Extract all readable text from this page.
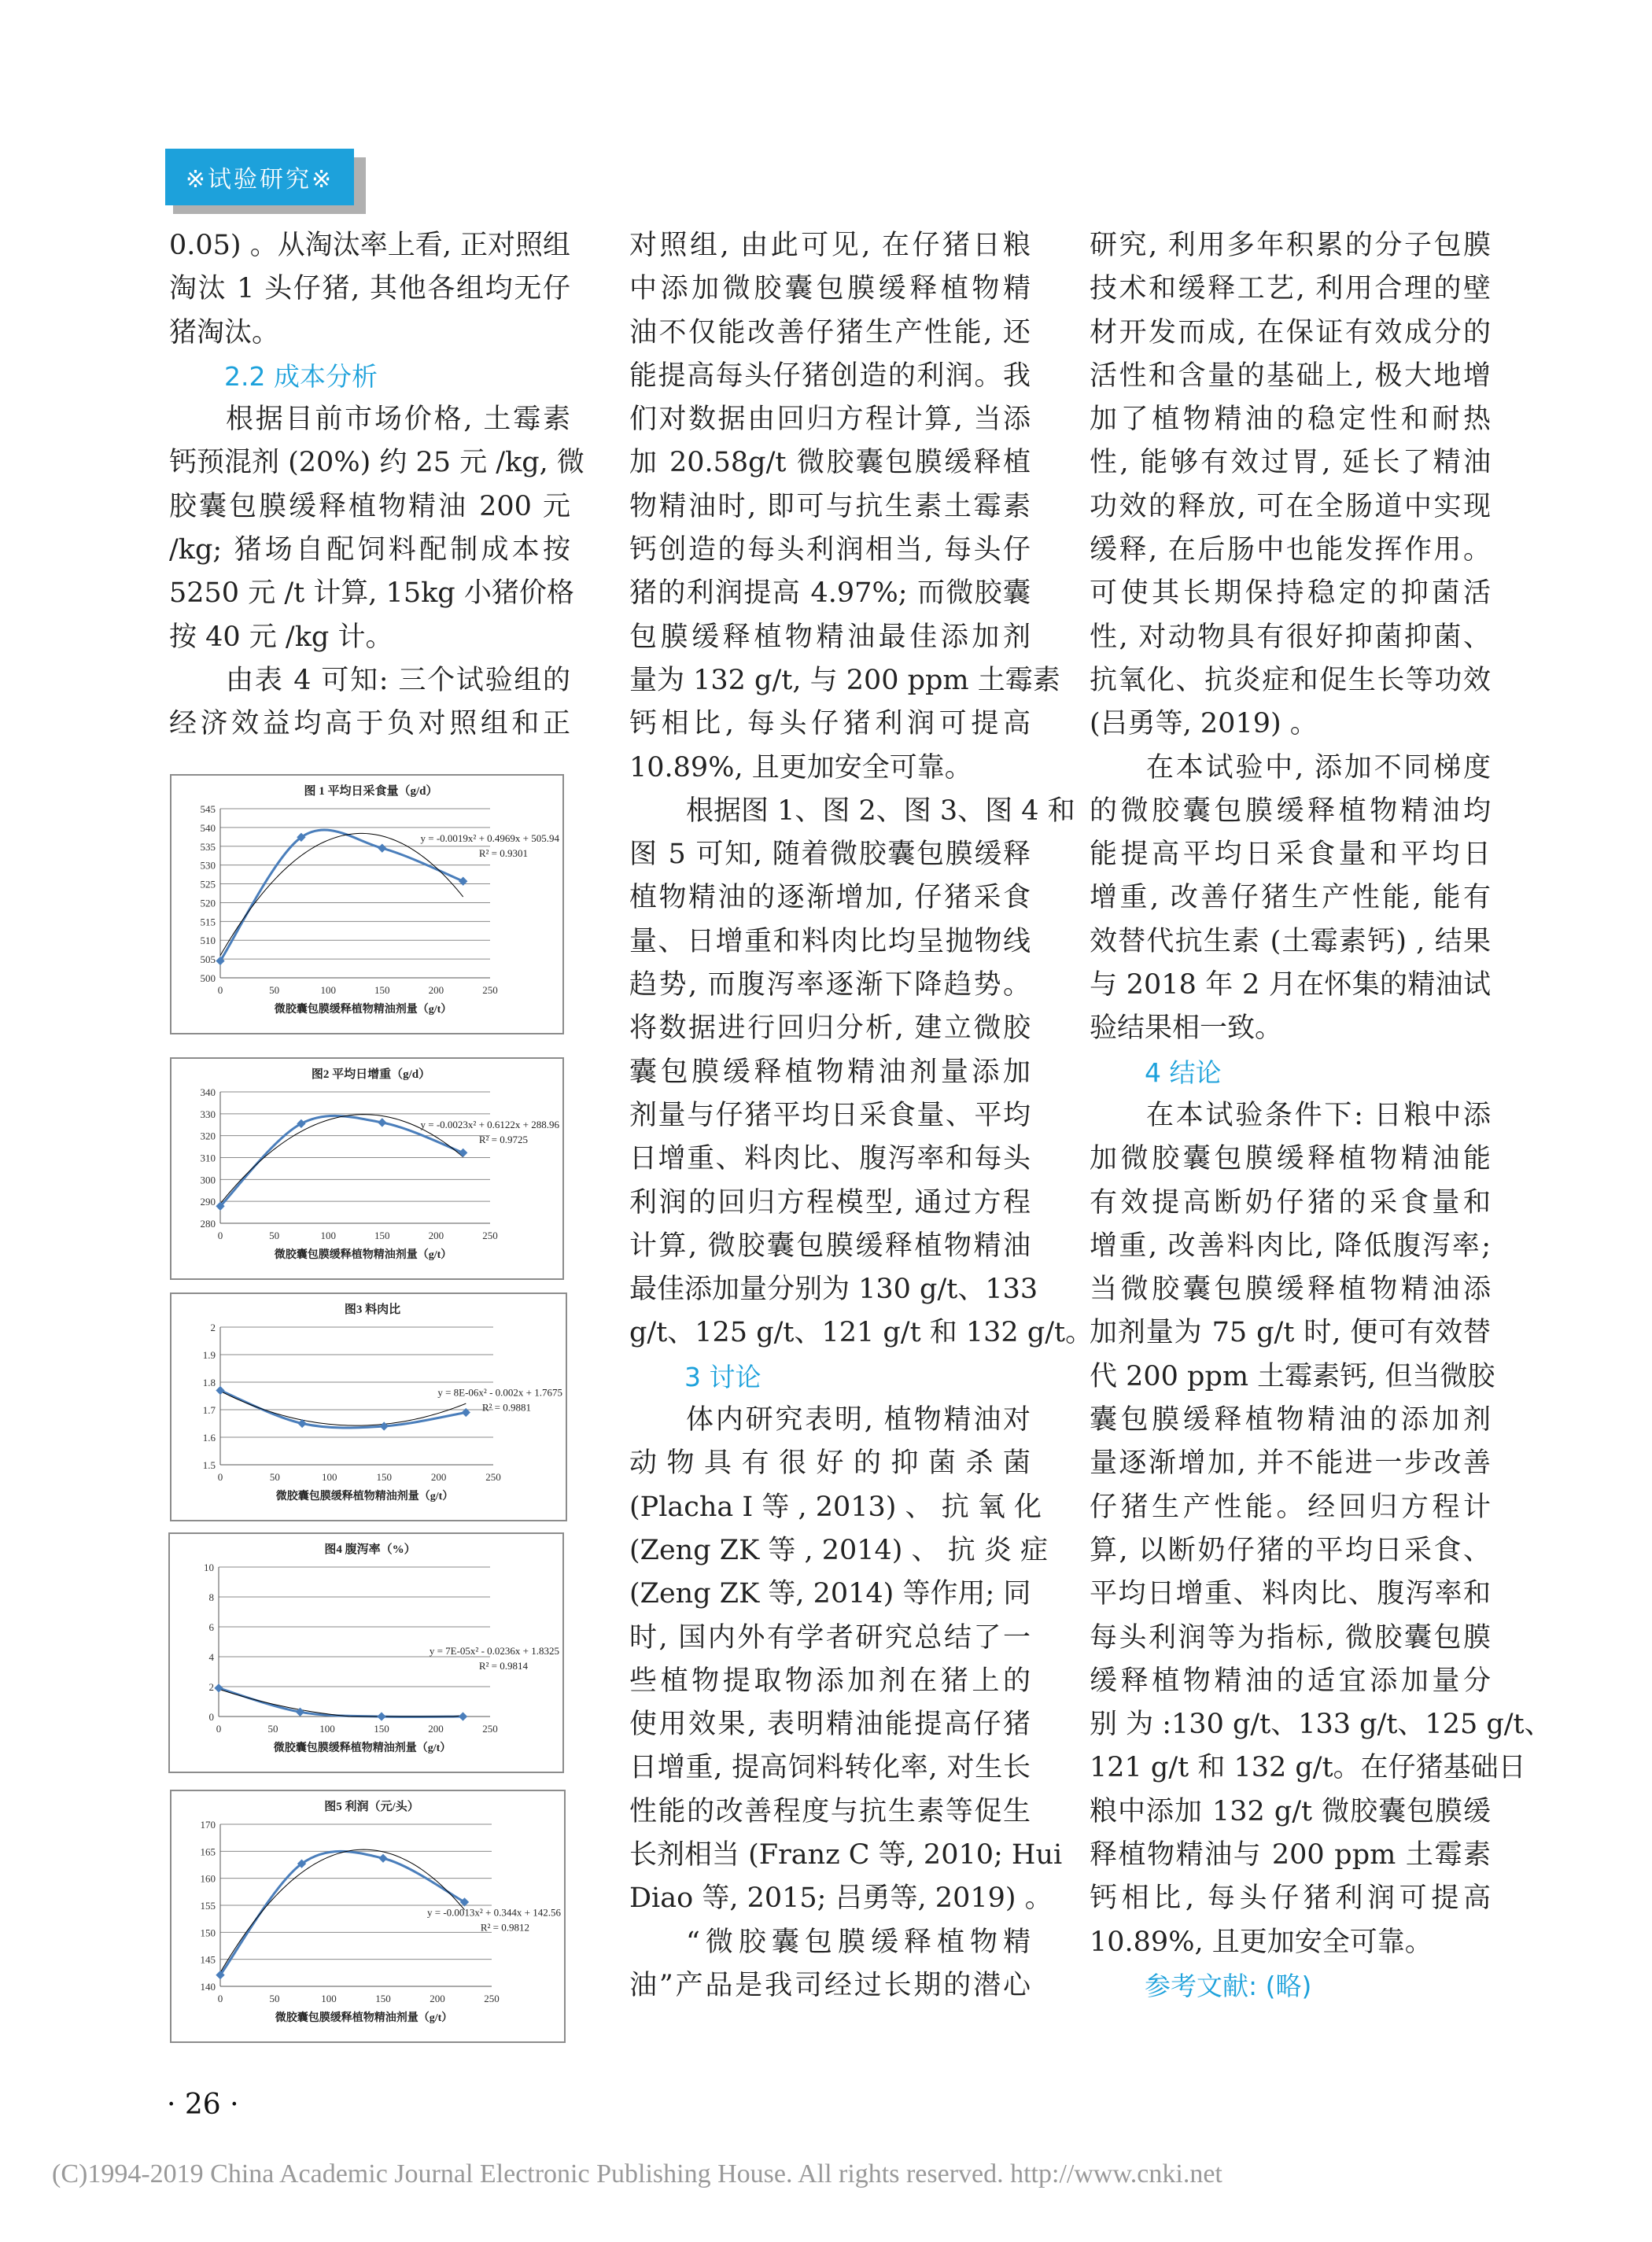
※试验研究※

0.05) 。从淘汰率上看, 正对照组

淘汰 1 头仔猪, 其他各组均无仔

猪淘汰。

2.2 成本分析

根据目前市场价格, 土霉素

钙预混剂 (20%) 约 25 元 /kg, 微

胶囊包膜缓释植物精油 200 元

/kg; 猪场自配饲料配制成本按

5250 元 /t 计算, 15kg 小猪价格

按 40 元 /kg 计。

由表 4 可知: 三个试验组的

经济效益均高于负对照组和正

对照组, 由此可见, 在仔猪日粮

中添加微胶囊包膜缓释植物精

油不仅能改善仔猪生产性能, 还

能提高每头仔猪创造的利润。我

们对数据由回归方程计算, 当添

加 20.58g/t 微胶囊包膜缓释植

物精油时, 即可与抗生素土霉素

钙创造的每头利润相当, 每头仔

猪的利润提高 4.97%; 而微胶囊

包膜缓释植物精油最佳添加剂

量为 132 g/t, 与 200 ppm 土霉素

钙相比, 每头仔猪利润可提高

10.89%, 且更加安全可靠。

根据图 1、图 2、图 3、图 4 和

图 5 可知, 随着微胶囊包膜缓释

植物精油的逐渐增加, 仔猪采食

量、日增重和料肉比均呈抛物线

趋势, 而腹泻率逐渐下降趋势。

将数据进行回归分析, 建立微胶

囊包膜缓释植物精油剂量添加

剂量与仔猪平均日采食量、平均

日增重、料肉比、腹泻率和每头

利润的回归方程模型, 通过方程

计算, 微胶囊包膜缓释植物精油

最佳添加量分别为 130 g/t、133

g/t、125 g/t、121 g/t 和 132 g/t。

3 讨论

体内研究表明, 植物精油对

动 物 具 有 很 好 的 抑 菌 杀 菌

(Placha I 等 , 2013) 、 抗 氧 化

(Zeng ZK 等 , 2014) 、 抗 炎 症

(Zeng ZK 等, 2014) 等作用; 同

时, 国内外有学者研究总结了一

些植物提取物添加剂在猪上的

使用效果, 表明精油能提高仔猪

日增重, 提高饲料转化率, 对生长

性能的改善程度与抗生素等促生

长剂相当 (Franz C 等, 2010; Hui

Diao 等, 2015; 吕勇等, 2019) 。

“微胶囊包膜缓释植物精

油”产品是我司经过长期的潜心

研究, 利用多年积累的分子包膜

技术和缓释工艺, 利用合理的壁

材开发而成, 在保证有效成分的

活性和含量的基础上, 极大地增

加了植物精油的稳定性和耐热

性, 能够有效过胃, 延长了精油

功效的释放, 可在全肠道中实现

缓释, 在后肠中也能发挥作用。

可使其长期保持稳定的抑菌活

性, 对动物具有很好抑菌抑菌、

抗氧化、抗炎症和促生长等功效

(吕勇等, 2019) 。

在本试验中, 添加不同梯度

的微胶囊包膜缓释植物精油均

能提高平均日采食量和平均日

增重, 改善仔猪生产性能, 能有

效替代抗生素 (土霉素钙) , 结果

与 2018 年 2 月在怀集的精油试

验结果相一致。

4 结论

在本试验条件下: 日粮中添

加微胶囊包膜缓释植物精油能

有效提高断奶仔猪的采食量和

增重, 改善料肉比, 降低腹泻率;

当微胶囊包膜缓释植物精油添

加剂量为 75 g/t 时, 便可有效替

代 200 ppm 土霉素钙, 但当微胶

囊包膜缓释植物精油的添加剂

量逐渐增加, 并不能进一步改善

仔猪生产性能。经回归方程计

算, 以断奶仔猪的平均日采食、

平均日增重、料肉比、腹泻率和

每头利润等为指标, 微胶囊包膜

缓释植物精油的适宜添加量分

别 为 :130 g/t、133 g/t、125 g/t、

121 g/t 和 132 g/t。在仔猪基础日

粮中添加 132 g/t 微胶囊包膜缓

释植物精油与 200 ppm 土霉素

钙相比, 每头仔猪利润可提高

10.89%, 且更加安全可靠。

参考文献: (略)
图 1 平均日采食量（g/d）
500
505
510
515
520
525
530
535
540
545
0	50	100	150	200	250
微胶囊包膜缓释植物精油剂量（g/t）
y = -0.0019x² + 0.4969x + 505.94
R² = 0.9301
图2 平均日增重（g/d）
280
290
300
310
320
330
340
0	50	100	150	200	250
微胶囊包膜缓释植物精油剂量（g/t）
y = -0.0023x² + 0.6122x + 288.96
R² = 0.9725
图3 料肉比
1.5
1.6
1.7
1.8
1.9
2
0	50	100	150	200	250
微胶囊包膜缓释植物精油剂量（g/t）
y = 8E-06x² - 0.002x + 1.7675
R² = 0.9881
图4 腹泻率（%）
0
2
4
6
8
10
0	50	100	150	200	250
微胶囊包膜缓释植物精油剂量（g/t）
y = 7E-05x² - 0.0236x + 1.8325
R² = 0.9814
图5 利润（元/头）
140
145
150
155
160
165
170
0	50	100	150	200	250
微胶囊包膜缓释植物精油剂量（g/t）
y = -0.0013x² + 0.344x + 142.56
R² = 0.9812
· 26 ·
(C)1994-2019 China Academic Journal Electronic Publishing House. All rights reserved. http://www.cnki.net
